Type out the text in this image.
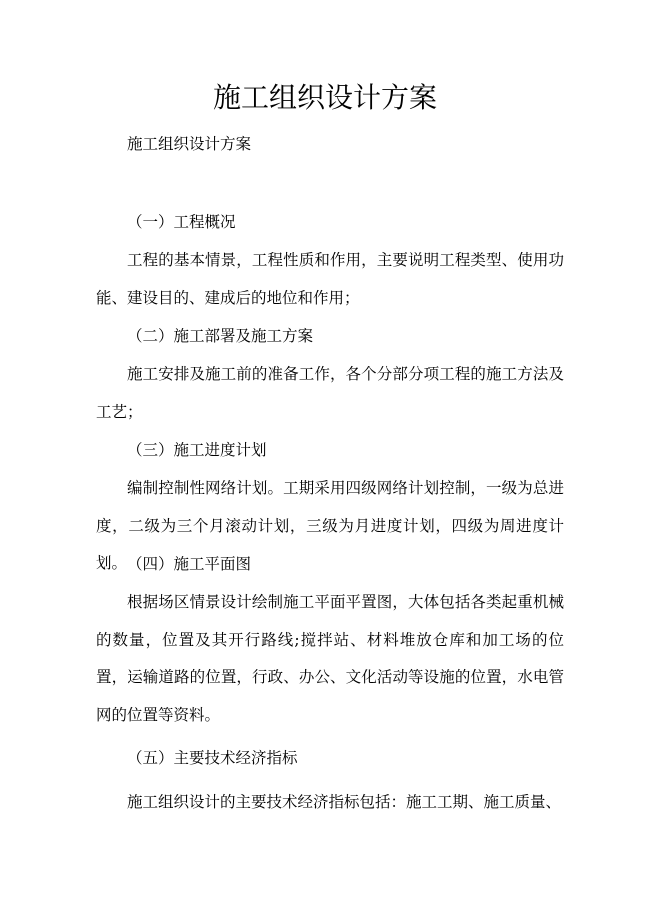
施工组织设计方案
施工组织设计方案
（一）工程概况
工程的基本情景，工程性质和作用，主要说明工程类型、使用功能、建设目的、建成后的地位和作用；
（二）施工部署及施工方案
施工安排及施工前的准备工作，各个分部分项工程的施工方法及工艺；
（三）施工进度计划
编制控制性网络计划。工期采用四级网络计划控制，一级为总进度，二级为三个月滚动计划，三级为月进度计划，四级为周进度计划。 （四）施工平面图
根据场区情景设计绘制施工平面平置图，大体包括各类起重机械的数量，位置及其开行路线;搅拌站、材料堆放仓库和加工场的位置，运输道路的位置，行政、办公、文化活动等设施的位置，水电管网的位置等资料。
（五）主要技术经济指标
施工组织设计的主要技术经济指标包括：施工工期、施工质量、
